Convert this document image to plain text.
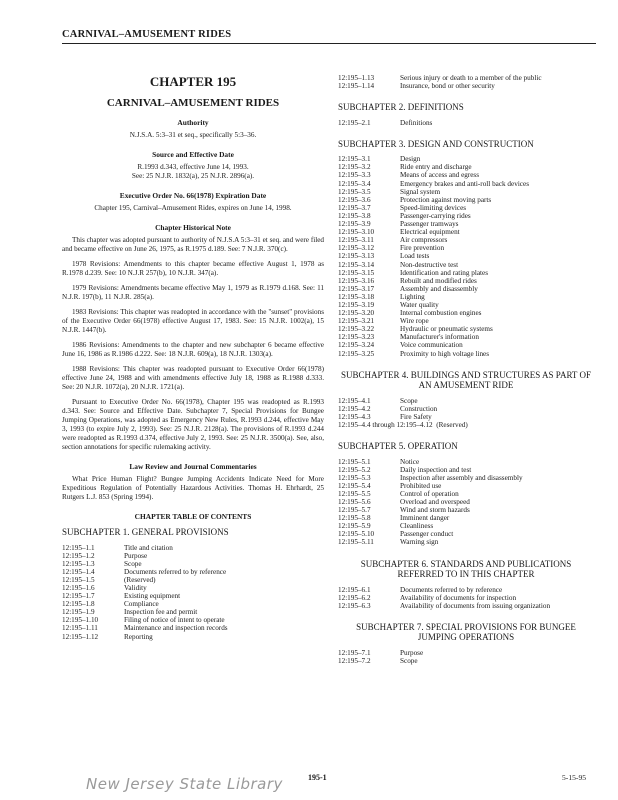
CARNIVAL–AMUSEMENT RIDES
CHAPTER 195
CARNIVAL–AMUSEMENT RIDES
Authority
N.J.S.A. 5:3–31 et seq., specifically 5:3–36.
Source and Effective Date
R.1993 d.343, effective June 14, 1993.
See: 25 N.J.R. 1832(a), 25 N.J.R. 2896(a).
Executive Order No. 66(1978) Expiration Date
Chapter 195, Carnival–Amusement Rides, expires on June 14, 1998.
Chapter Historical Note
This chapter was adopted pursuant to authority of N.J.S.A 5:3–31 et seq. and were filed and became effective on June 26, 1975, as R.1975 d.189. See: 7 N.J.R. 370(c).
1978 Revisions: Amendments to this chapter became effective August 1, 1978 as R.1978 d.239. See: 10 N.J.R 257(b), 10 N.J.R. 347(a).
1979 Revisions: Amendments became effective May 1, 1979 as R.1979 d.168. See: 11 N.J.R. 197(b), 11 N.J.R. 285(a).
1983 Revisions: This chapter was readopted in accordance with the "sunset" provisions of the Executive Order 66(1978) effective August 17, 1983. See: 15 N.J.R. 1002(a), 15 N.J.R. 1447(b).
1986 Revisions: Amendments to the chapter and new subchapter 6 became effective June 16, 1986 as R.1986 d.222. See: 18 N.J.R. 609(a), 18 N.J.R. 1303(a).
1988 Revisions: This chapter was readopted pursuant to Executive Order 66(1978) effective June 24, 1988 and with amendments effective July 18, 1988 as R.1988 d.333. See: 20 N.J.R. 1072(a), 20 N.J.R. 1721(a).
Pursuant to Executive Order No. 66(1978), Chapter 195 was readopted as R.1993 d.343. See: Source and Effective Date. Subchapter 7, Special Provisions for Bungee Jumping Operations, was adopted as Emergency New Rules, R.1993 d.244, effective May 3, 1993 (to expire July 2, 1993). See: 25 N.J.R. 2128(a). The provisions of R.1993 d.244 were readopted as R.1993 d.374, effective July 2, 1993. See: 25 N.J.R. 3500(a). See, also, section annotations for specific rulemaking activity.
Law Review and Journal Commentaries
What Price Human Flight? Bungee Jumping Accidents Indicate Need for More Expeditious Regulation of Potentially Hazardous Activities. Thomas H. Ehrhardt, 25 Rutgers L.J. 853 (Spring 1994).
CHAPTER TABLE OF CONTENTS
SUBCHAPTER 1. GENERAL PROVISIONS
12:195–1.1	Title and citation
12:195–1.2	Purpose
12:195–1.3	Scope
12:195–1.4	Documents referred to by reference
12:195–1.5	(Reserved)
12:195–1.6	Validity
12:195–1.7	Existing equipment
12:195–1.8	Compliance
12:195–1.9	Inspection fee and permit
12:195–1.10	Filing of notice of intent to operate
12:195–1.11	Maintenance and inspection records
12:195–1.12	Reporting
12:195–1.13	Serious injury or death to a member of the public
12:195–1.14	Insurance, bond or other security
SUBCHAPTER 2. DEFINITIONS
12:195–2.1	Definitions
SUBCHAPTER 3. DESIGN AND CONSTRUCTION
12:195–3.1	Design
12:195–3.2	Ride entry and discharge
12:195–3.3	Means of access and egress
12:195–3.4	Emergency brakes and anti-roll back devices
12:195–3.5	Signal system
12:195–3.6	Protection against moving parts
12:195–3.7	Speed-limiting devices
12:195–3.8	Passenger-carrying rides
12:195–3.9	Passenger tramways
12:195–3.10	Electrical equipment
12:195–3.11	Air compressors
12:195–3.12	Fire prevention
12:195–3.13	Load tests
12:195–3.14	Non-destructive test
12:195–3.15	Identification and rating plates
12:195–3.16	Rebuilt and modified rides
12:195–3.17	Assembly and disassembly
12:195–3.18	Lighting
12:195–3.19	Water quality
12:195–3.20	Internal combustion engines
12:195–3.21	Wire rope
12:195–3.22	Hydraulic or pneumatic systems
12:195–3.23	Manufacturer's information
12:195–3.24	Voice communication
12:195–3.25	Proximity to high voltage lines
SUBCHAPTER 4. BUILDINGS AND STRUCTURES AS PART OF AN AMUSEMENT RIDE
12:195–4.1	Scope
12:195–4.2	Construction
12:195–4.3	Fire Safety
12:195–4.4 through 12:195–4.12 (Reserved)	
SUBCHAPTER 5. OPERATION
12:195–5.1	Notice
12:195–5.2	Daily inspection and test
12:195–5.3	Inspection after assembly and disassembly
12:195–5.4	Prohibited use
12:195–5.5	Control of operation
12:195–5.6	Overload and overspeed
12:195–5.7	Wind and storm hazards
12:195–5.8	Imminent danger
12:195–5.9	Cleanliness
12:195–5.10	Passenger conduct
12:195–5.11	Warning sign
SUBCHAPTER 6. STANDARDS AND PUBLICATIONS REFERRED TO IN THIS CHAPTER
12:195–6.1	Documents referred to by reference
12:195–6.2	Availability of documents for inspection
12:195–6.3	Availability of documents from issuing organization
SUBCHAPTER 7. SPECIAL PROVISIONS FOR BUNGEE JUMPING OPERATIONS
12:195–7.1	Purpose
12:195–7.2	Scope
195-1	5-15-95
New Jersey State Library
